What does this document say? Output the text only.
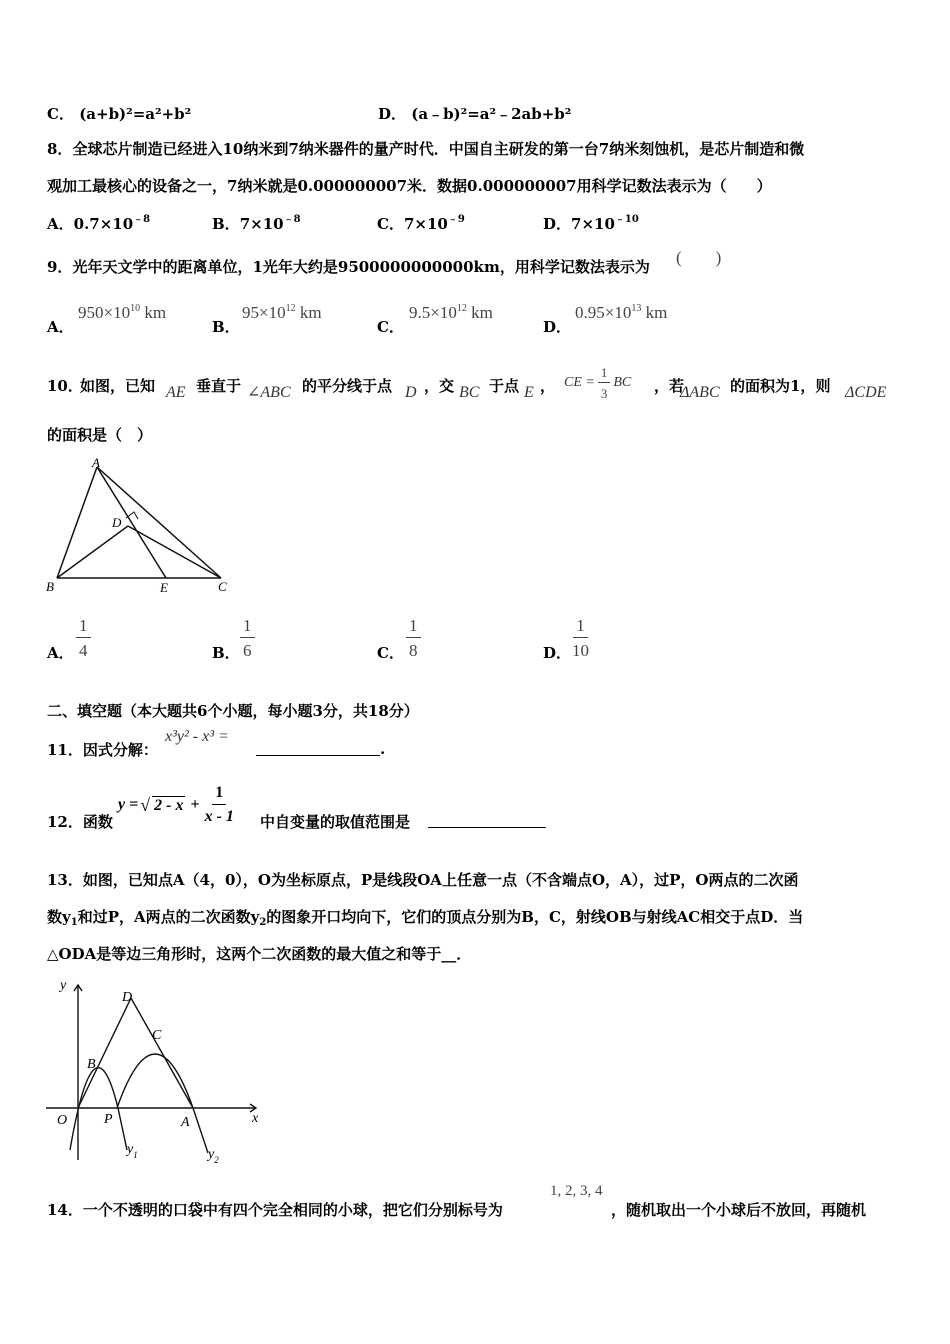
C． (a+b)²=a²+b²	D． (a﹣b)²=a²﹣2ab+b²
8．全球芯片制造已经进入10纳米到7纳米器件的量产时代．中国自主研发的第一台7纳米刻蚀机，是芯片制造和微
观加工最核心的设备之一，7纳米就是0.000000007米．数据0.000000007用科学记数法表示为（　　）
A．$0.7\times 10^{﹣8}$	B．$7\times 10^{﹣8}$	C．$7\times 10^{﹣9}$	D．$7\times 10^{﹣10}$
9．光年天文学中的距离单位，1光年大约是9500000000000km，用科学记数法表示为 (　　)
A．
$950\times 10^{10}$ km
B．
$95\times 10^{12}$ km
C．
$9.5\times 10^{12}$ km
D．
$0.95\times 10^{13}$ km
10．
如图，已知 AE 垂直于 ∠ABC 的平分线于点 D ，交 BC 于点 E ， CE = $\frac{1}{3}$ BC ，若
ΔABC 的面积为1，则 ΔCDE
的面积是（　）
A
B	C
D
E
A． $\frac{1}{4}$	B． $\frac{1}{6}$	C． $\frac{1}{8}$	D． $\frac{1}{10}$
二、填空题（本大题共6个小题，每小题3分，共18分）
11．因式分解：
x³y² - x³ =
.
12．函数
y = √ $2 - x + \frac{1}{x - 1}$ 中自变量的取值范围是
13．如图，已知点A（4，0），O为坐标原点，P是线段OA上任意一点（不含端点O，A），过P，O两点的二次函
数$y_1$和过P，A两点的二次函数$y_2$的图象开口均向下，它们的顶点分别为B，C，射线OB与射线AC相交于点D．当
△ODA是等边三角形时，这两个二次函数的最大值之和等于__．
y
x
O	P	A
B
C
D
$y_1$	$y_2$
14．一个不透明的口袋中有四个完全相同的小球，把它们分别标号为
1, 2, 3, 4
，随机取出一个小球后不放回，再随机
